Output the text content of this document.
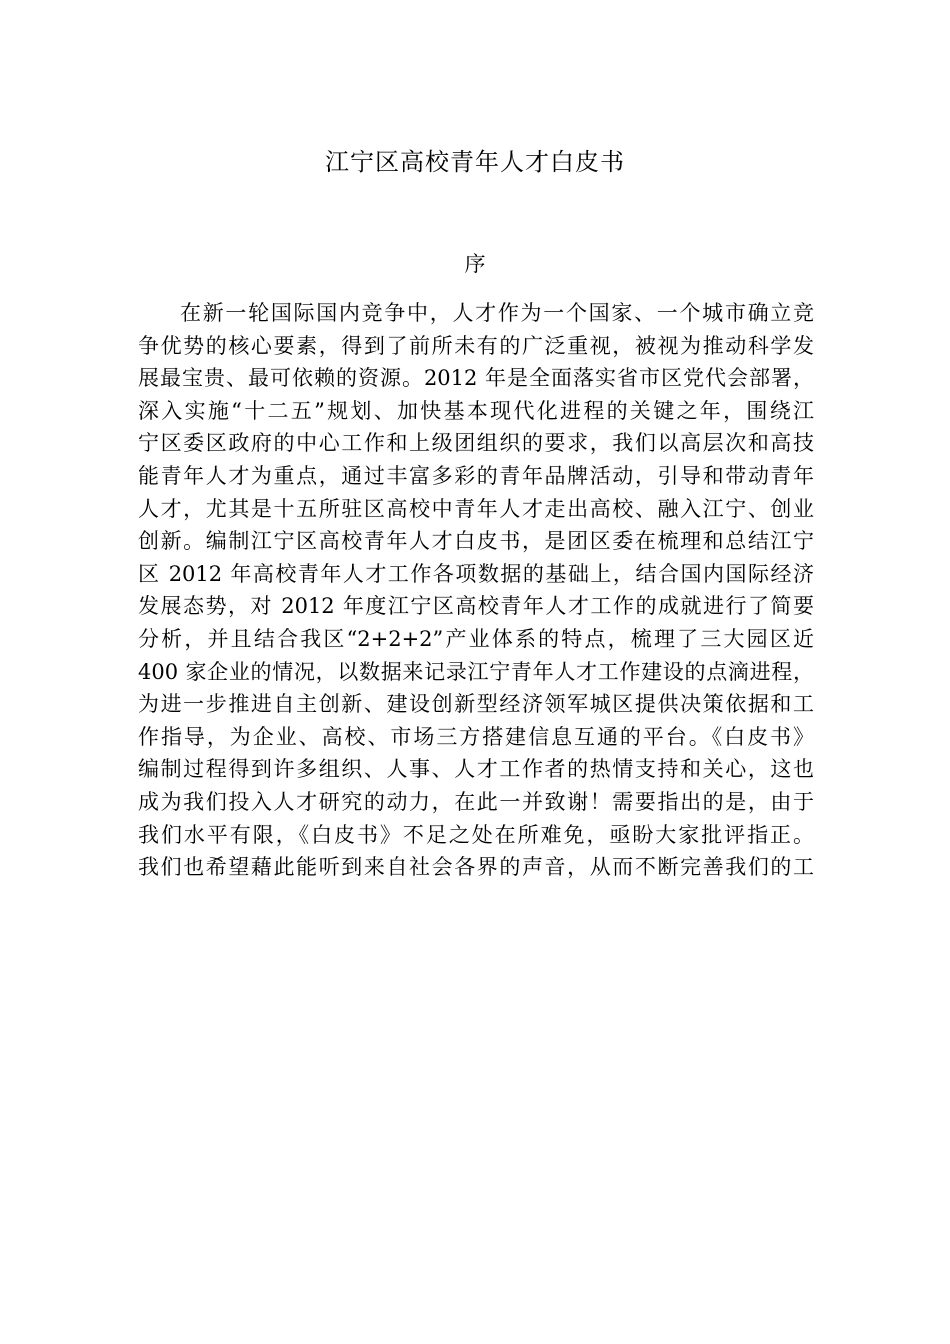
江宁区高校青年人才白皮书
序
在新一轮国际国内竞争中，人才作为一个国家、一个城市确立竞
争优势的核心要素，得到了前所未有的广泛重视，被视为推动科学发
展最宝贵、最可依赖的资源。2012 年是全面落实省市区党代会部署，
深入实施“十二五”规划、加快基本现代化进程的关键之年，围绕江
宁区委区政府的中心工作和上级团组织的要求，我们以高层次和高技
能青年人才为重点，通过丰富多彩的青年品牌活动，引导和带动青年
人才，尤其是十五所驻区高校中青年人才走出高校、融入江宁、创业
创新。编制江宁区高校青年人才白皮书，是团区委在梳理和总结江宁
区 2012 年高校青年人才工作各项数据的基础上，结合国内国际经济
发展态势，对 2012 年度江宁区高校青年人才工作的成就进行了简要
分析，并且结合我区“2+2+2”产业体系的特点，梳理了三大园区近
400 家企业的情况，以数据来记录江宁青年人才工作建设的点滴进程，
为进一步推进自主创新、建设创新型经济领军城区提供决策依据和工
作指导，为企业、高校、市场三方搭建信息互通的平台。《白皮书》
编制过程得到许多组织、人事、人才工作者的热情支持和关心，这也
成为我们投入人才研究的动力，在此一并致谢！需要指出的是，由于
我们水平有限，《白皮书》不足之处在所难免，亟盼大家批评指正。
我们也希望藉此能听到来自社会各界的声音，从而不断完善我们的工
